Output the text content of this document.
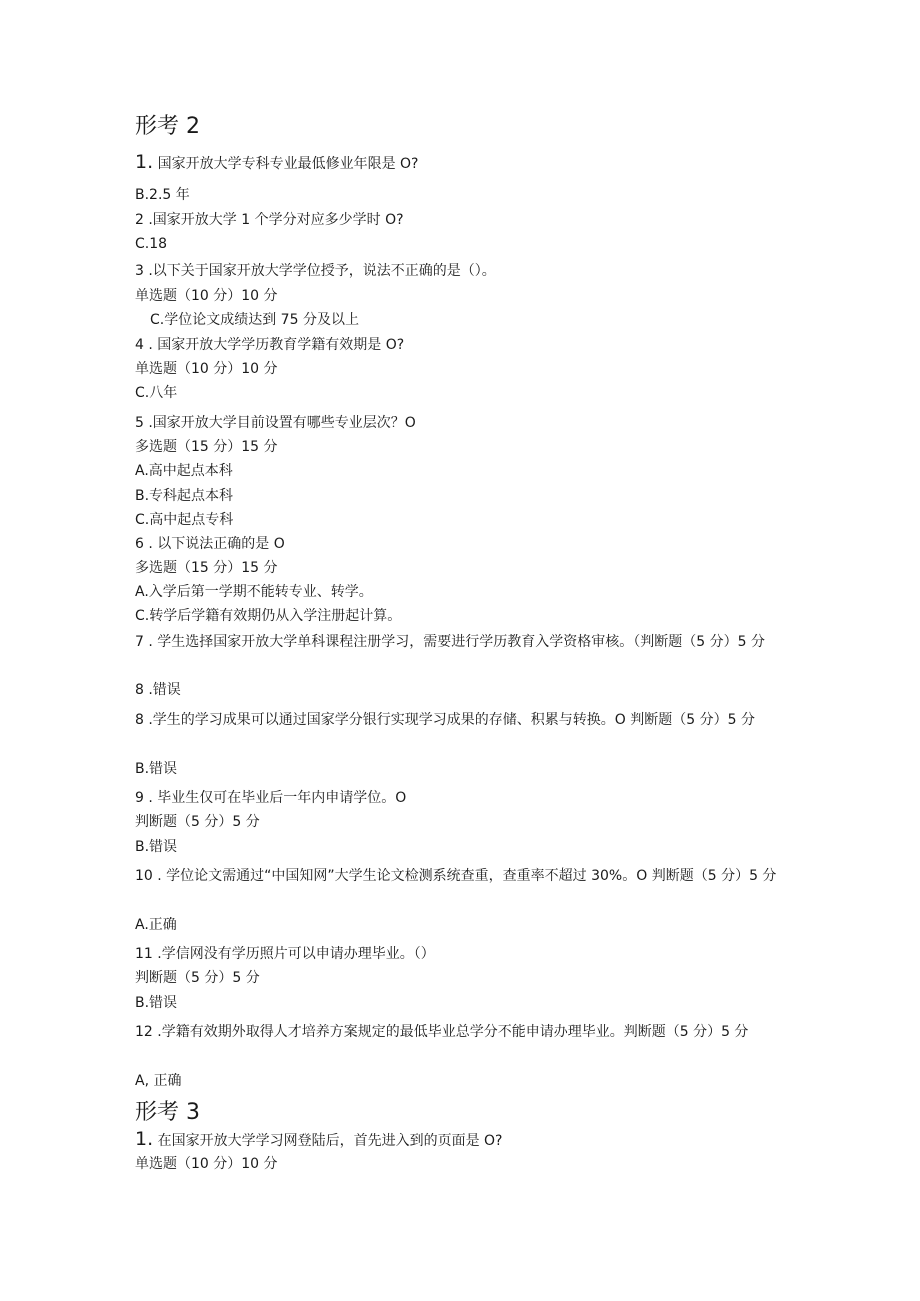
形考 2

1. 国家开放大学专科专业最低修业年限是 O?

B.2.5 年

2 .国家开放大学 1 个学分对应多少学时 O?

C.18

3 .以下关于国家开放大学学位授予，说法不正确的是（）。

单选题（10 分）10 分

C.学位论文成绩达到 75 分及以上

4 . 国家开放大学学历教育学籍有效期是 O?

单选题（10 分）10 分

C.八年

5 .国家开放大学目前设置有哪些专业层次？O

多选题（15 分）15 分

A.高中起点本科

B.专科起点本科

C.高中起点专科

6 . 以下说法正确的是 O

多选题（15 分）15 分

A.入学后第一学期不能转专业、转学。

C.转学后学籍有效期仍从入学注册起计算。

7 . 学生选择国家开放大学单科课程注册学习，需要进行学历教育入学资格审核。（判断题（5 分）5 分

8 .错误

8 .学生的学习成果可以通过国家学分银行实现学习成果的存储、积累与转换。O 判断题（5 分）5 分

B.错误

9 . 毕业生仅可在毕业后一年内申请学位。O

判断题（5 分）5 分

B.错误

10 . 学位论文需通过“中国知网”大学生论文检测系统查重，查重率不超过 30%。O 判断题（5 分）5 分

A.正确

11 .学信网没有学历照片可以申请办理毕业。（）

判断题（5 分）5 分

B.错误

12 .学籍有效期外取得人才培养方案规定的最低毕业总学分不能申请办理毕业。判断题（5 分）5 分

A, 正确

形考 3

1. 在国家开放大学学习网登陆后，首先进入到的页面是 O?

单选题（10 分）10 分
